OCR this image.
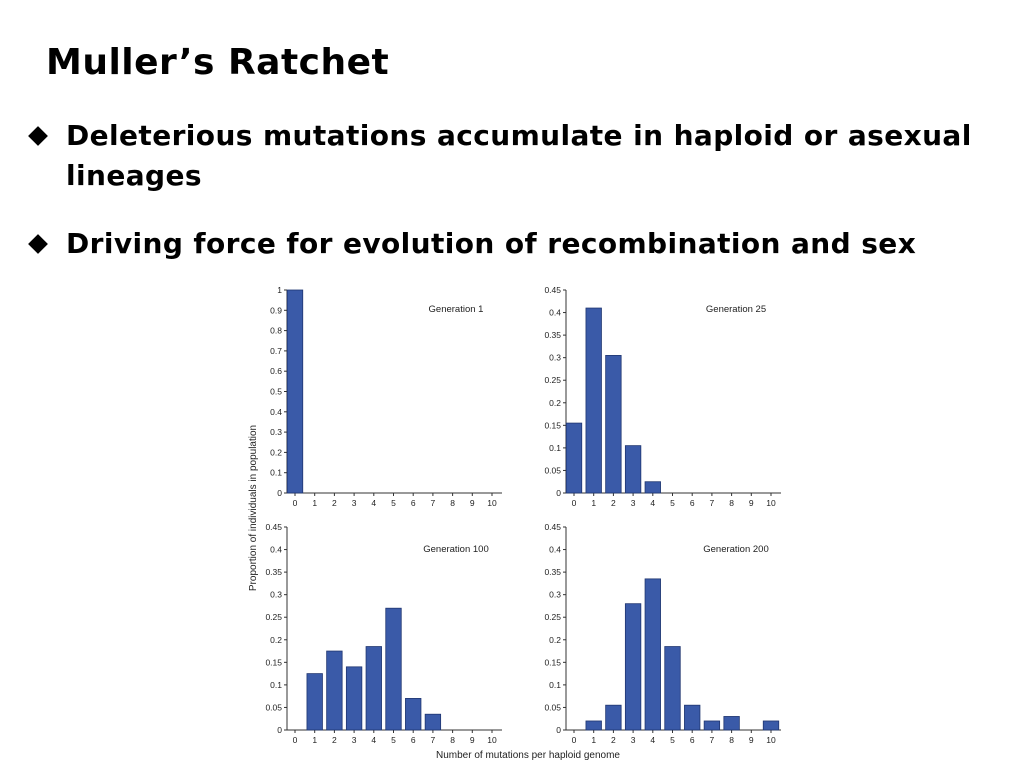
Muller’s Ratchet
Deleterious mutations accumulate in haploid or asexual lineages
Driving force for evolution of recombination and sex
Proportion of individuals in population
Number of mutations per haploid genome
0
0.1
0.2
0.3
0.4
0.5
0.6
0.7
0.8
0.9
1
0 1 2 3 4 5 6 7 8 9 10
Generation 1
0
0.05
0.1
0.15
0.2
0.25
0.3
0.35
0.4
0.45
0 1 2 3 4 5 6 7 8 9 10
Generation 25
0
0.05
0.1
0.15
0.2
0.25
0.3
0.35
0.4
0.45
0 1 2 3 4 5 6 7 8 9 10
Generation 100
0
0.05
0.1
0.15
0.2
0.25
0.3
0.35
0.4
0.45
0 1 2 3 4 5 6 7 8 9 10
Generation 200
